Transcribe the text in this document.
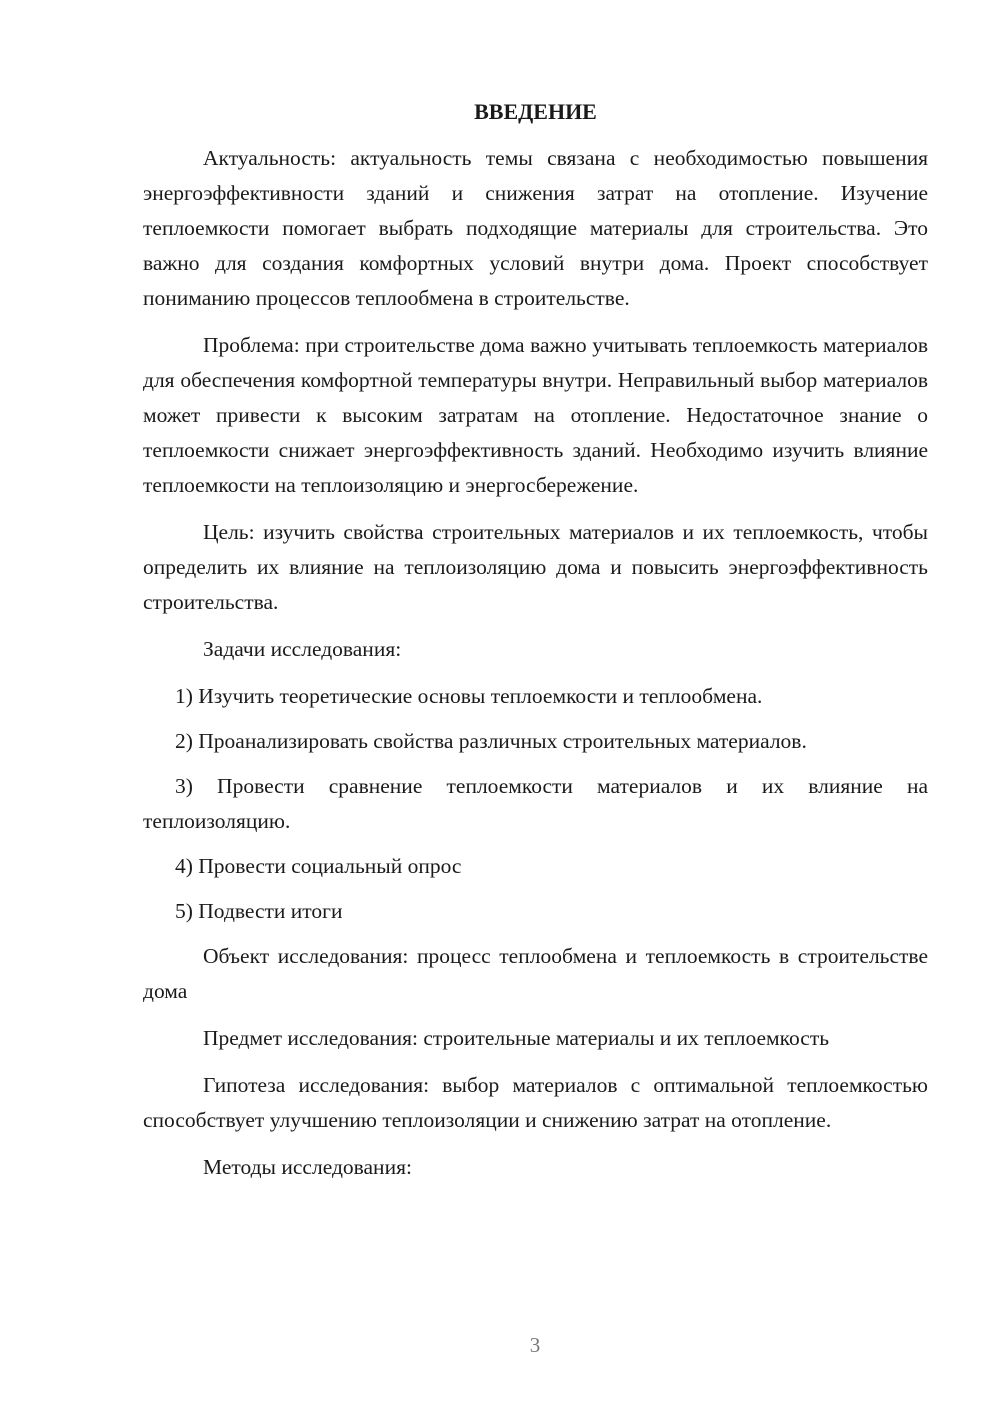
ВВЕДЕНИЕ

Актуальность: актуальность темы связана с необходимостью повышения энергоэффективности зданий и снижения затрат на отопление. Изучение теплоемкости помогает выбрать подходящие материалы для строительства. Это важно для создания комфортных условий внутри дома. Проект способствует пониманию процессов теплообмена в строительстве.

Проблема: при строительстве дома важно учитывать теплоемкость материалов для обеспечения комфортной температуры внутри. Неправильный выбор материалов может привести к высоким затратам на отопление. Недостаточное знание о теплоемкости снижает энергоэффективность зданий. Необходимо изучить влияние теплоемкости на теплоизоляцию и энергосбережение.

Цель: изучить свойства строительных материалов и их теплоемкость, чтобы определить их влияние на теплоизоляцию дома и повысить энергоэффективность строительства.

Задачи исследования:

1) Изучить теоретические основы теплоемкости и теплообмена.

2) Проанализировать свойства различных строительных материалов.

3) Провести сравнение теплоемкости материалов и их влияние на теплоизоляцию.

4) Провести социальный опрос

5) Подвести итоги

Объект исследования: процесс теплообмена и теплоемкость в строительстве дома

Предмет исследования: строительные материалы и их теплоемкость

Гипотеза исследования: выбор материалов с оптимальной теплоемкостью способствует улучшению теплоизоляции и снижению затрат на отопление.

Методы исследования:

3
